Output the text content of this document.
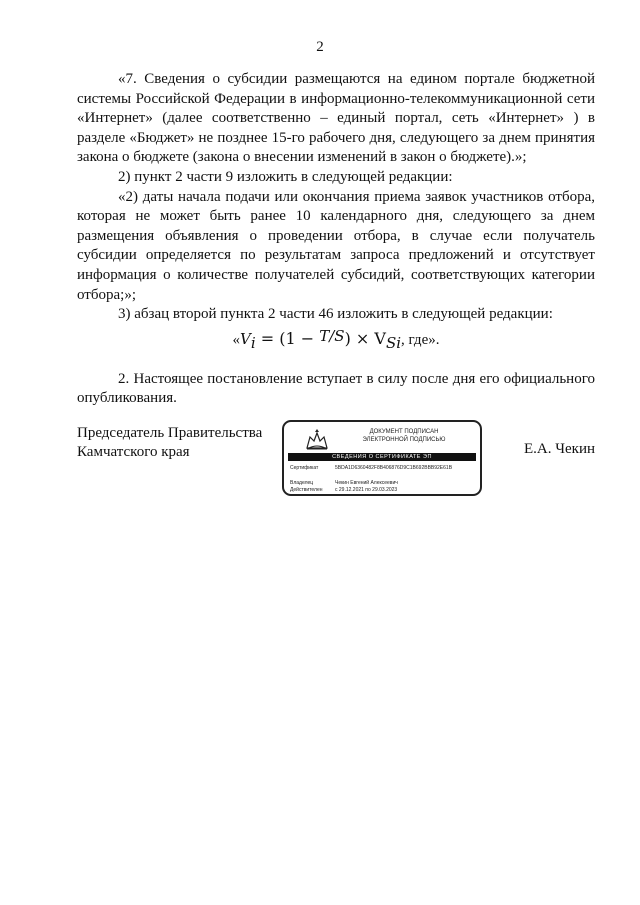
2

«7. Сведения о субсидии размещаются на едином портале бюджетной системы Российской Федерации в информационно-телекоммуникационной сети «Интернет» (далее соответственно – единый портал, сеть «Интернет» ) в разделе «Бюджет» не позднее 15-го рабочего дня, следующего за днем принятия закона о бюджете (закона о внесении изменений в закон о бюджете).»;

2) пункт 2 части 9 изложить в следующей редакции:

«2) даты начала подачи или окончания приема заявок участников отбора, которая не может быть ранее 10 календарного дня, следующего за днем размещения объявления о проведении отбора, в случае если получатель субсидии определяется по результатам запроса предложений и отсутствует информация о количестве получателей субсидий, соответствующих категории отбора;»;

3) абзац второй пункта 2 части 46 изложить в следующей редакции:

«$V_i = (1 - T/S) \times V_{Si}$, где».

2. Настоящее постановление вступает в силу после дня его официального опубликования.

Председатель Правительства
Камчатского края
ДОКУМЕНТ ПОДПИСАН
ЭЛЕКТРОННОЙ ПОДПИСЬЮ
СВЕДЕНИЯ О СЕРТИФИКАТЕ ЭП
Сертификат	5BDA1D6360482F8B406876D9C1B692BBB92E61B
Владелец	Чекин Евгений Алексеевич
Действителен с 29.12.2021 по 29.03.2023
Е.А. Чекин
